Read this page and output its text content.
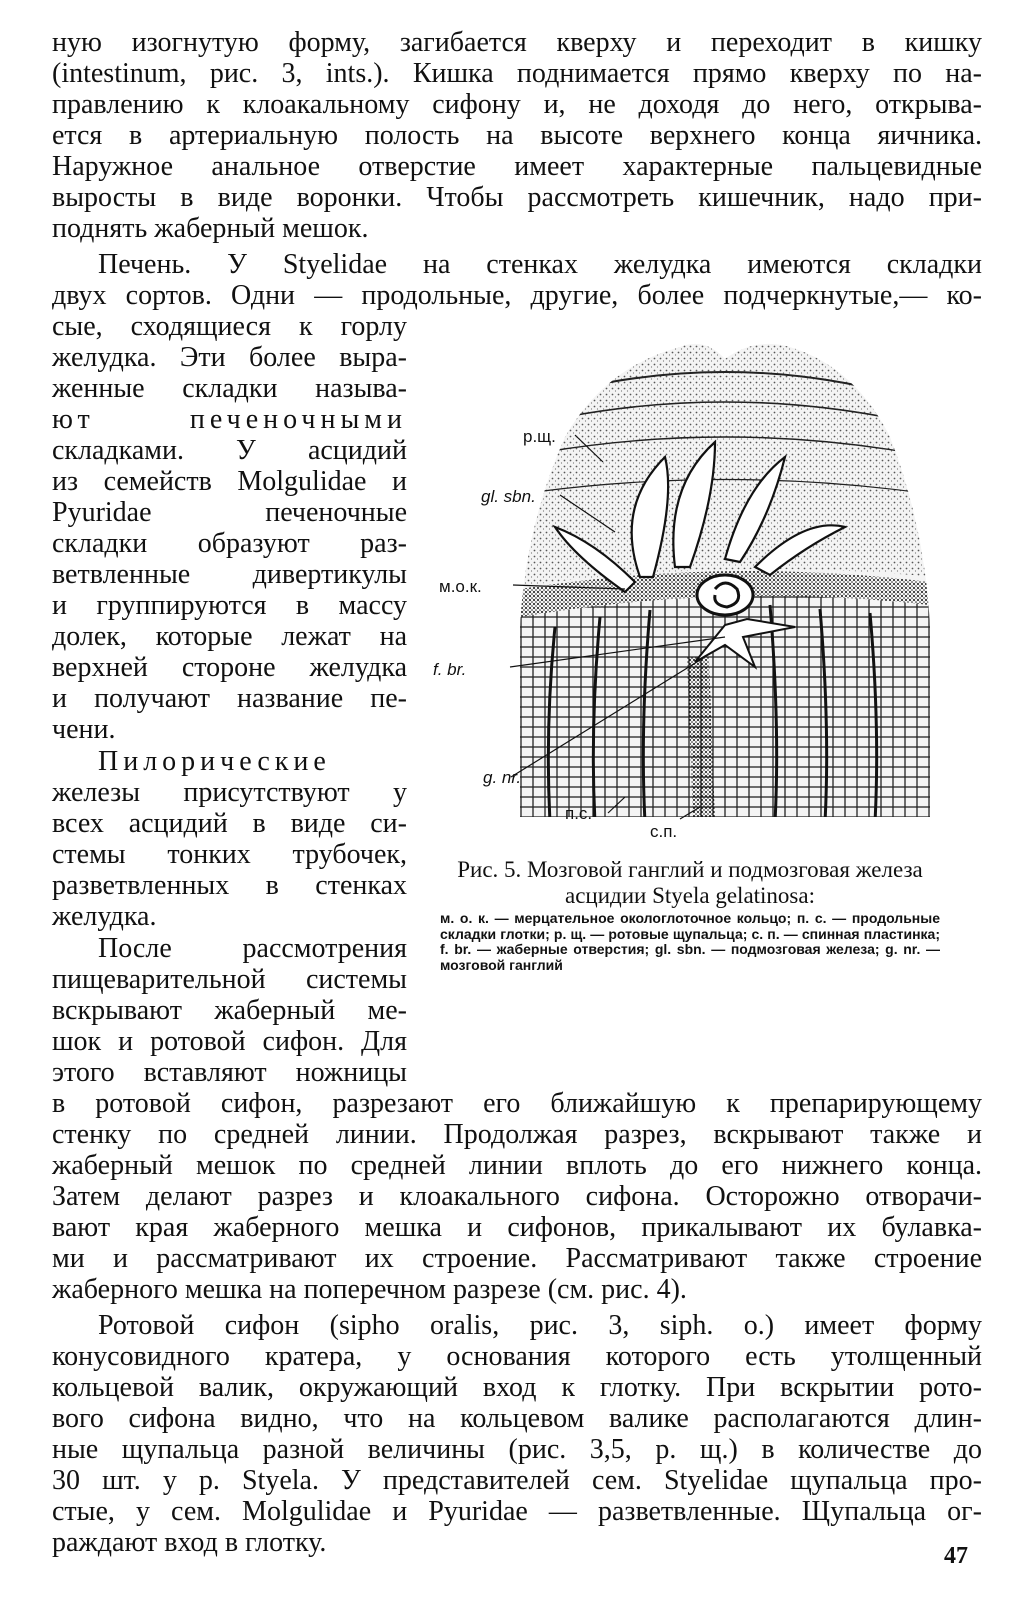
ную изогнутую форму, загибается кверху и переходит в кишку
(intestinum, рис. 3, ints.). Кишка поднимается прямо кверху по на-
правлению к клоакальному сифону и, не доходя до него, открыва-
ется в артериальную полость на высоте верхнего конца яичника.
Наружное анальное отверстие имеет характерные пальцевидные
выросты в виде воронки. Чтобы рассмотреть кишечник, надо при-
поднять жаберный мешок.
Печень. У Styelidae на стенках желудка имеются складки
двух сортов. Одни — продольные, другие, более подчеркнутые,— ко-
сые, сходящиеся к горлу
желудка. Эти более выра-
женные складки называ-
ют печеночными
складками. У асцидий
из семейств Molgulidae и
Pyuridae печеночные
складки образуют раз-
ветвленные дивертикулы
и группируются в массу
долек, которые лежат на
верхней стороне желудка
и получают название пе-
чени.
Пилорические
железы присутствуют у
всех асцидий в виде си-
стемы тонких трубочек,
разветвленных в стенках
желудка.
После рассмотрения
пищеварительной системы
вскрывают жаберный ме-
шок и ротовой сифон. Для
этого вставляют ножницы
в ротовой сифон, разрезают его ближайшую к препарирующему
стенку по средней линии. Продолжая разрез, вскрывают также и
жаберный мешок по средней линии вплоть до его нижнего конца.
Затем делают разрез и клоакального сифона. Осторожно отворачи-
вают края жаберного мешка и сифонов, прикалывают их булавка-
ми и рассматривают их строение. Рассматривают также строение
жаберного мешка на поперечном разрезе (см. рис. 4).
Ротовой сифон (sipho oralis, рис. 3, siph. o.) имеет форму
конусовидного кратера, у основания которого есть утолщенный
кольцевой валик, окружающий вход к глотку. При вскрытии рото-
вого сифона видно, что на кольцевом валике располагаются длин-
ные щупальца разной величины (рис. 3,5, р. щ.) в количестве до
30 шт. у р. Styela. У представителей сем. Styelidae щупальца про-
стые, у сем. Molgulidae и Pyuridae — разветвленные. Щупальца ог-
раждают вход в глотку.
р.щ.
gl. sbn.
м.о.к.
f. br.
g. nr.
п.с.
с.п.
Рис. 5. Мозговой ганглий и подмозговая железа асцидии Styela gelatinosa:
м. о. к. — мерцательное окологлоточное кольцо; п. с. — продольные складки глотки; р. щ. — ротовые щупальца; с. п. — спинная пластинка; f. br. — жаберные отверстия; gl. sbn. — подмозговая железа; g. nr. — мозговой ганглий
47
